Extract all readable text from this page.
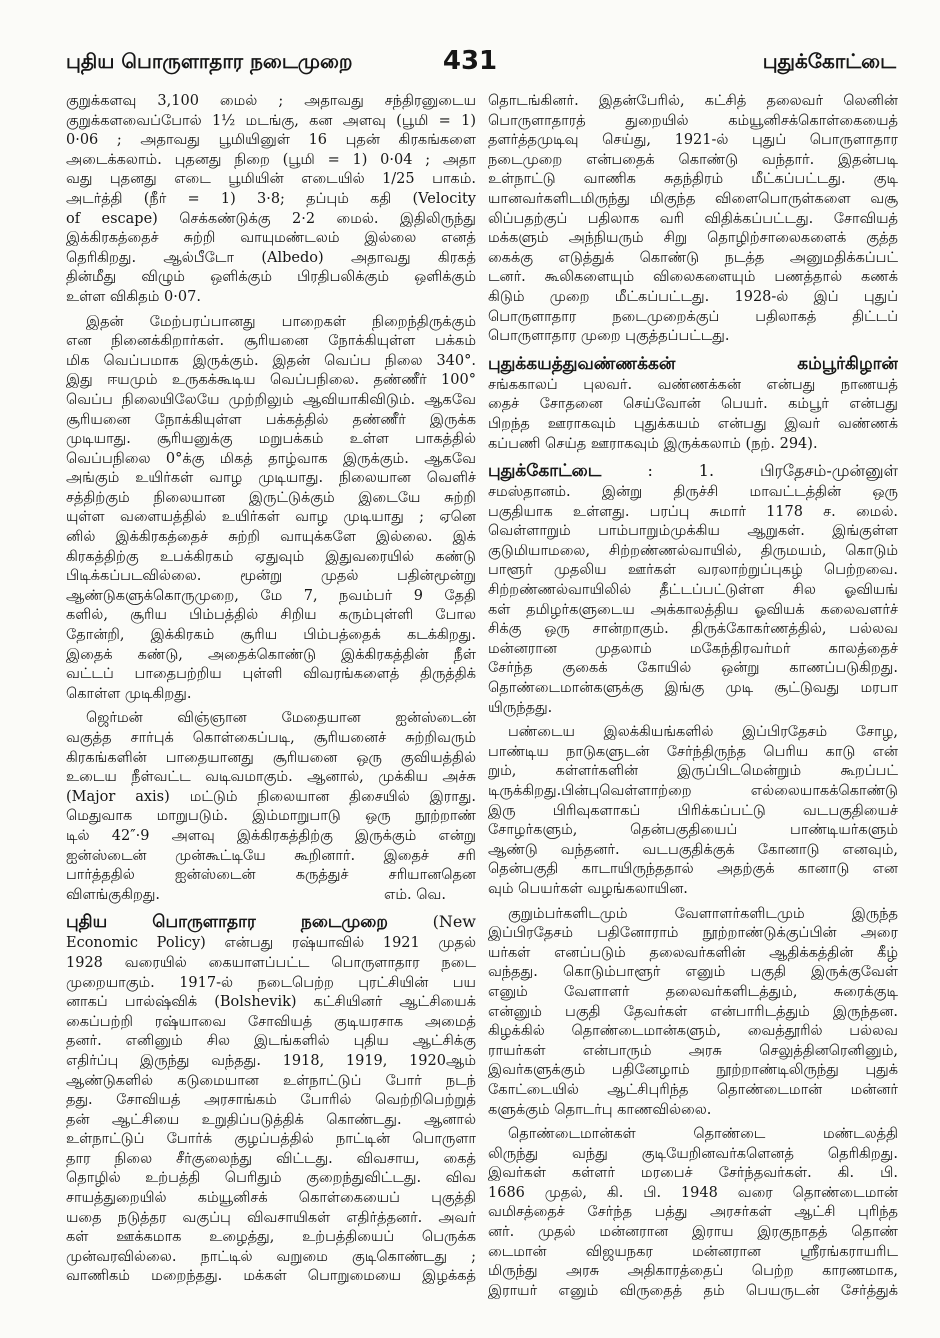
புதிய பொருளாதார நடைமுறை	431	புதுக்கோட்டை
குறுக்களவு 3,100 மைல் ; அதாவது சந்திரனுடைய
குறுக்களவைப்போல் 1½ மடங்கு, கன அளவு (பூமி = 1)
0·06 ; அதாவது பூமியினுள் 16 புதன் கிரகங்களை
அடைக்கலாம். புதனது நிறை (பூமி = 1) 0·04 ; அதா
வது புதனது எடை பூமியின் எடையில் 1/25 பாகம்.
அடர்த்தி (நீர் = 1) 3·8; தப்பும் கதி (Velocity
of escape) செக்கண்டுக்கு 2·2 மைல். இதிலிருந்து
இக்கிரகத்தைச் சுற்றி வாயுமண்டலம் இல்லை எனத்
தெரிகிறது. ஆல்பீடோ (Albedo) அதாவது கிரகத்
தின்மீது விழும் ஒளிக்கும் பிரதிபலிக்கும் ஒளிக்கும்
உள்ள விகிதம் 0·07.
இதன் மேற்பரப்பானது பாறைகள் நிறைந்திருக்கும்
என நினைக்கிறார்கள். சூரியனை நோக்கியுள்ள பக்கம்
மிக வெப்பமாக இருக்கும். இதன் வெப்ப நிலை 340°.
இது ஈயமும் உருகக்கூடிய வெப்பநிலை. தண்ணீர் 100°
வெப்ப நிலையிலேயே முற்றிலும் ஆவியாகிவிடும். ஆகவே
சூரியனை நோக்கியுள்ள பக்கத்தில் தண்ணீர் இருக்க
முடியாது. சூரியனுக்கு மறுபக்கம் உள்ள பாகத்தில்
வெப்பநிலை 0°க்கு மிகத் தாழ்வாக இருக்கும். ஆகவே
அங்கும் உயிர்கள் வாழ முடியாது. நிலையான வெளிச்
சத்திற்கும் நிலையான இருட்டுக்கும் இடையே சுற்றி
யுள்ள வளையத்தில் உயிர்கள் வாழ முடியாது ; ஏனெ
னில் இக்கிரகத்தைச் சுற்றி வாயுக்களே இல்லை. இக்
கிரகத்திற்கு உபக்கிரகம் ஏதுவும் இதுவரையில் கண்டு
பிடிக்கப்படவில்லை. மூன்று முதல் பதின்மூன்று
ஆண்டுகளுக்கொருமுறை, மே 7, நவம்பர் 9 தேதி
களில், சூரிய பிம்பத்தில் சிறிய கரும்புள்ளி போல
தோன்றி, இக்கிரகம் சூரிய பிம்பத்தைக் கடக்கிறது.
இதைக் கண்டு, அதைக்கொண்டு இக்கிரகத்தின் நீள்
வட்டப் பாதைபற்றிய புள்ளி விவரங்களைத் திருத்திக்
கொள்ள முடிகிறது.
ஜெர்மன் விஞ்ஞான மேதையான ஐன்ஸ்டைன்
வகுத்த சார்புக் கொள்கைப்படி, சூரியனைச் சுற்றிவரும்
கிரகங்களின் பாதையானது சூரியனை ஒரு குவியத்தில்
உடைய நீள்வட்ட வடிவமாகும். ஆனால், முக்கிய அச்சு
(Major axis) மட்டும் நிலையான திசையில் இராது.
மெதுவாக மாறுபடும். இம்மாறுபாடு ஒரு நூற்றாண்
டில் 42″·9 அளவு இக்கிரகத்திற்கு இருக்கும் என்று
ஐன்ஸ்டைன் முன்கூட்டியே கூறினார். இதைச் சரி
பார்த்ததில் ஐன்ஸ்டைன் கருத்துச் சரியானதென
விளங்குகிறது.	எம். வெ.
புதிய பொருளாதார நடைமுறை	(New
Economic Policy) என்பது ரஷ்யாவில் 1921 முதல்
1928 வரையில் கையாளப்பட்ட பொருளாதார நடை
முறையாகும். 1917-ல் நடைபெற்ற புரட்சியின் பய
னாகப் பால்ஷ்விக் (Bolshevik) கட்சியினர் ஆட்சியைக்
கைப்பற்றி ரஷ்யாவை சோவியத் குடியரசாக அமைத்
தனர். எனினும் சில இடங்களில் புதிய ஆட்சிக்கு
எதிர்ப்பு இருந்து வந்தது. 1918, 1919, 1920ஆம்
ஆண்டுகளில் கடுமையான உள்நாட்டுப் போர் நடந்
தது. சோவியத் அரசாங்கம் போரில் வெற்றிபெற்றுத்
தன் ஆட்சியை உறுதிப்படுத்திக் கொண்டது. ஆனால்
உள்நாட்டுப் போர்க் குழப்பத்தில் நாட்டின் பொருளா
தார நிலை சீர்குலைந்து விட்டது. விவசாய, கைத்
தொழில் உற்பத்தி பெரிதும் குறைந்துவிட்டது. விவ
சாயத்துறையில் கம்யூனிசக் கொள்கையைப் புகுத்தி
யதை நடுத்தர வகுப்பு விவசாயிகள் எதிர்த்தனர். அவர்
கள் ஊக்கமாக உழைத்து, உற்பத்தியைப் பெருக்க
முன்வரவில்லை. நாட்டில் வறுமை குடிகொண்டது ;
வாணிகம் மறைந்தது. மக்கள் பொறுமையை இழக்கத்
தொடங்கினர். இதன்பேரில், கட்சித் தலைவர் லெனின்
பொருளாதாரத் துறையில் கம்யூனிசக்கொள்கையைத்
தளர்த்தமுடிவு செய்து, 1921-ல் புதுப் பொருளாதார
நடைமுறை என்பதைக் கொண்டு வந்தார். இதன்படி
உள்நாட்டு வாணிக சுதந்திரம் மீட்கப்பட்டது. குடி
யானவர்களிடமிருந்து மிகுந்த விளைபொருள்களை வசூ
லிப்பதற்குப் பதிலாக வரி விதிக்கப்பட்டது. சோவியத்
மக்களும் அந்நியரும் சிறு தொழிற்சாலைகளைக் குத்த
கைக்கு எடுத்துக் கொண்டு நடத்த அனுமதிக்கப்பட்
டனர். கூலிகளையும் விலைகளையும் பணத்தால் கணக்
கிடும் முறை மீட்கப்பட்டது. 1928-ல் இப் புதுப்
பொருளாதார நடைமுறைக்குப் பதிலாகத் திட்டப்
பொருளாதார முறை புகுத்தப்பட்டது.
புதுக்கயத்துவண்ணக்கன் கம்பூர்கிழான்
சங்ககாலப் புலவர். வண்ணக்கன் என்பது நாணயத்
தைச் சோதனை செய்வோன் பெயர். கம்பூர் என்பது
பிறந்த ஊராகவும் புதுக்கயம் என்பது இவர் வண்ணக்
கப்பணி செய்த ஊராகவும் இருக்கலாம் (நற். 294).
புதுக்கோட்டை	: 1. பிரதேசம்-முன்னுள்
சமஸ்தானம். இன்று திருச்சி மாவட்டத்தின் ஒரு
பகுதியாக உள்ளது. பரப்பு சுமார் 1178 ச. மைல்.
வெள்ளாறும் பாம்பாறும்முக்கிய ஆறுகள். இங்குள்ள
குடுமியாமலை, சிற்றண்ணல்வாயில், திருமயம், கொடும்
பாளூர் முதலிய ஊர்கள் வரலாற்றுப்புகழ் பெற்றவை.
சிற்றண்ணல்வாயிலில் தீட்டப்பட்டுள்ள சில ஓவியங்
கள் தமிழர்களுடைய அக்காலத்திய ஓவியக் கலைவளர்ச்
சிக்கு ஒரு சான்றாகும். திருக்கோகர்ணத்தில், பல்லவ
மன்னரான முதலாம் மகேந்திரவர்மர் காலத்தைச்
சேர்ந்த குகைக் கோயில் ஒன்று காணப்படுகிறது.
தொண்டைமான்களுக்கு இங்கு முடி சூட்டுவது மரபா
யிருந்தது.
பண்டைய இலக்கியங்களில் இப்பிரதேசம் சோழ,
பாண்டிய நாடுகளுடன் சேர்ந்திருந்த பெரிய காடு என்
றும், கள்ளர்களின் இருப்பிடமென்றும் கூறப்பட்
டிருக்கிறது.பின்புவெள்ளாற்றை எல்லையாகக்கொண்டு
இரு பிரிவுகளாகப் பிரிக்கப்பட்டு வடபகுதியைச்
சோழர்களும், தென்பகுதியைப் பாண்டியர்களும்
ஆண்டு வந்தனர். வடபகுதிக்குக் கோனாடு எனவும்,
தென்பகுதி காடாயிருந்ததால் அதற்குக் கானாடு என
வும் பெயர்கள் வழங்கலாயின.
குறும்பர்களிடமும் வேளாளர்களிடமும் இருந்த
இப்பிரதேசம் பதினோராம் நூற்றாண்டுக்குப்பின் அரை
யர்கள் எனப்படும் தலைவர்களின் ஆதிக்கத்தின் கீழ்
வந்தது. கொடும்பாளூர் எனும் பகுதி இருக்குவேள்
எனும் வேளாளர் தலைவர்களிடத்தும், சுரைக்குடி
என்னும் பகுதி தேவர்கள் என்பாரிடத்தும் இருந்தன.
கிழக்கில் தொண்டைமான்களும், வைத்தூரில் பல்லவ
ராயர்கள் என்பாரும் அரசு செலுத்தினரெனினும்,
இவர்களுக்கும் பதினேழாம் நூற்றாண்டிலிருந்து புதுக்
கோட்டையில் ஆட்சிபுரிந்த தொண்டைமான் மன்னர்
களுக்கும் தொடர்பு காணவில்லை.
தொண்டைமான்கள் தொண்டை மண்டலத்தி
லிருந்து வந்து குடியேறினவர்களெனத் தெரிகிறது.
இவர்கள் கள்ளர் மரபைச் சேர்ந்தவர்கள். கி. பி.
1686 முதல், கி. பி. 1948 வரை தொண்டைமான்
வமிசத்தைச் சேர்ந்த பத்து அரசர்கள் ஆட்சி புரிந்த
னர். முதல் மன்னரான இராய இரகுநாதத் தொண்
டைமான் விஜயநகர மன்னரான ஸ்ரீரங்கராயரிட
மிருந்து அரசு அதிகாரத்தைப் பெற்ற காரணமாக,
இராயர் எனும் விருதைத் தம் பெயருடன் சேர்த்துக்
